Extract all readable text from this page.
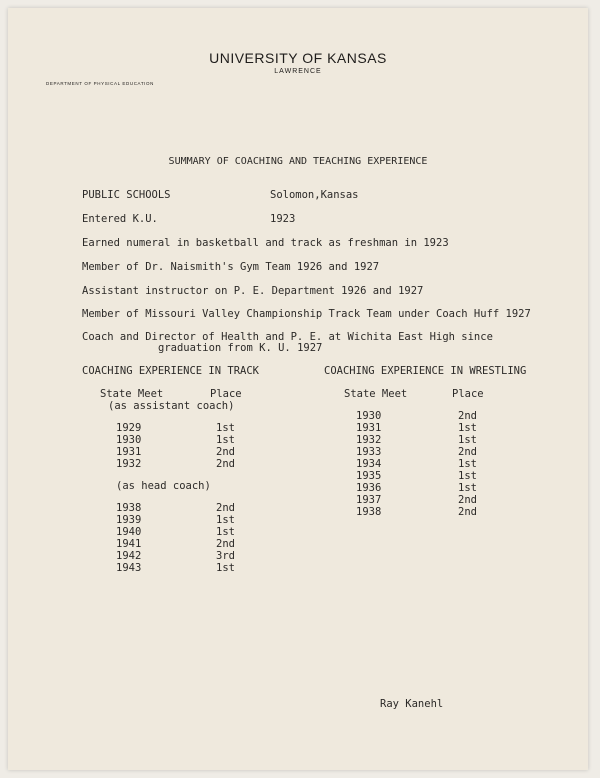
UNIVERSITY OF KANSAS
LAWRENCE
DEPARTMENT OF PHYSICAL EDUCATION
SUMMARY OF COACHING AND TEACHING EXPERIENCE
PUBLIC SCHOOLS	Solomon,Kansas
Entered K.U.	1923
Earned numeral in basketball and track as freshman in 1923
Member of Dr. Naismith's Gym Team 1926 and 1927
Assistant instructor on P. E. Department 1926 and 1927
Member of Missouri Valley Championship Track Team under Coach Huff 1927
Coach and Director of Health and P. E. at Wichita East High since
graduation from K. U. 1927
COACHING EXPERIENCE IN TRACK
State Meet	Place
(as assistant coach)
1929	1st
1930	1st
1931	2nd
1932	2nd
(as head coach)
1938	2nd
1939	1st
1940	1st
1941	2nd
1942	3rd
1943	1st
COACHING EXPERIENCE IN WRESTLING
State Meet	Place
1930	2nd
1931	1st
1932	1st
1933	2nd
1934	1st
1935	1st
1936	1st
1937	2nd
1938	2nd
Ray Kanehl
